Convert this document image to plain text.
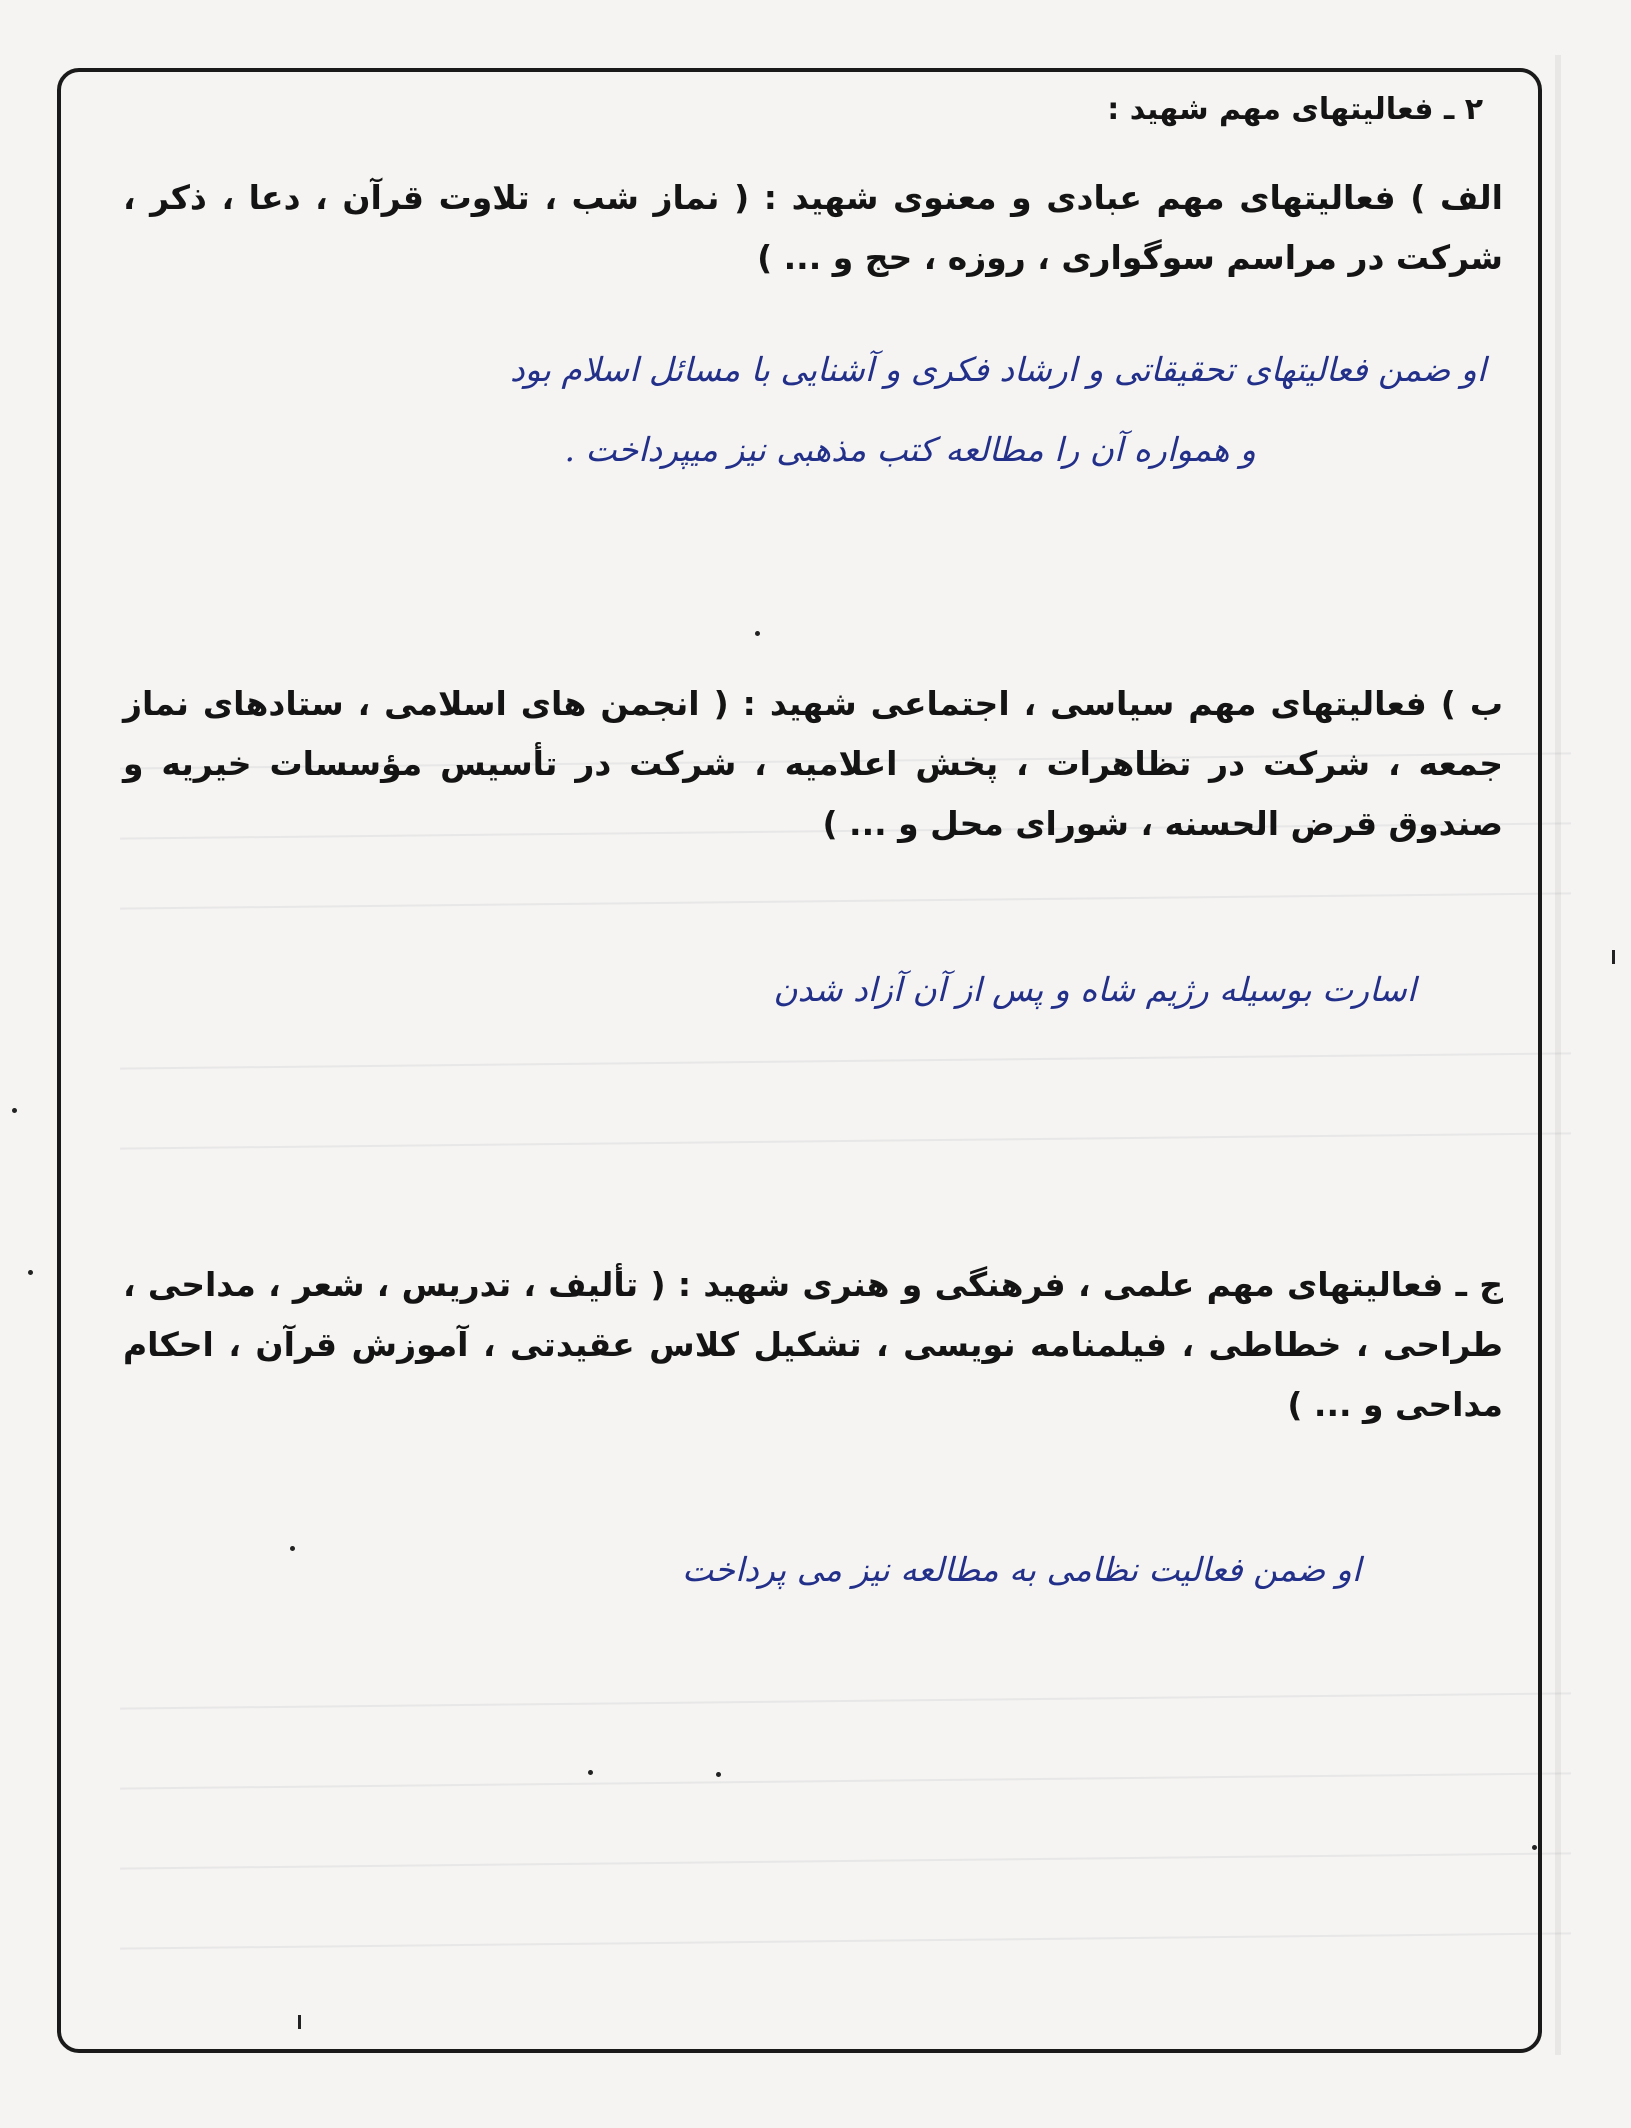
۲ ـ فعالیتهای مهم شهید :
الف ) فعالیتهای مهم عبادی و معنوی شهید : ( نماز شب ، تلاوت قرآن ، دعا ، ذکر ، شرکت در مراسم سوگواری ، روزه ، حج و ... )
او ضمن فعالیتهای تحقیقاتی و ارشاد فکری و آشنایی با مسائل اسلام بود
و همواره آن را مطالعه کتب مذهبی نیز میپرداخت .
ب ) فعالیتهای مهم سیاسی ، اجتماعی شهید : ( انجمن های اسلامی ، ستادهای نماز جمعه ، شرکت در تظاهرات ، پخش اعلامیه ، شرکت در تأسیس مؤسسات خیریه و صندوق قرض الحسنه ، شورای محل و ... )
اسارت بوسیله رژیم شاه و پس از آن آزاد شدن
ج ـ فعالیتهای مهم علمی ، فرهنگی و هنری شهید : ( تألیف ، تدریس ، شعر ، مداحی ، طراحی ، خطاطی ، فیلمنامه نویسی ، تشکیل کلاس عقیدتی ، آموزش قرآن ، احکام مداحی و ... )
او ضمن فعالیت نظامی به مطالعه نیز می پرداخت
